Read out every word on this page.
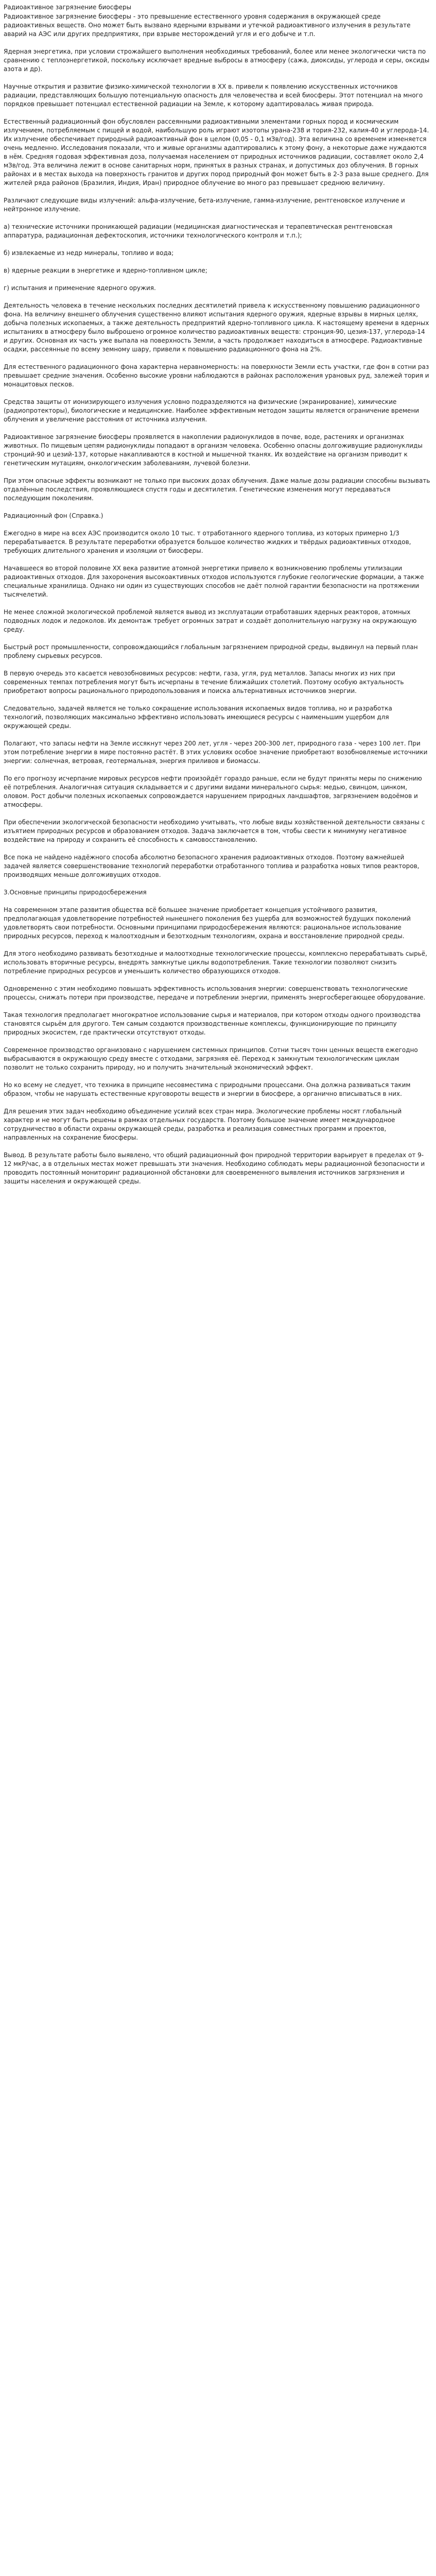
Радиоактивное загрязнение биосферы
Радиоактивное загрязнение биосферы - это превышение естественного уровня содержания в окружающей среде радиоактивных веществ. Оно может быть вызвано ядерными взрывами и утечкой радиоактивного излучения в результате аварий на АЭС или других предприятиях, при взрыве месторождений угля и его добыче и т.п.
Ядерная энергетика, при условии строжайшего выполнения необходимых требований, более или менее экологически чиста по сравнению с теплоэнергетикой, поскольку исключает вредные выбросы в атмосферу (сажа, диоксиды, углерода и серы, оксиды азота и др).
Научные открытия и развитие физико-химической технологии в XX в. привели к появлению искусственных источников радиации, представляющих большую потенциальную опасность для человечества и всей биосферы. Этот потенциал на много порядков превышает потенциал естественной радиации на Земле, к которому адаптировалась живая природа.
Естественный радиационный фон обусловлен рассеянными радиоактивными элементами горных пород и космическим излучением, потребляемым с пищей и водой, наибольшую роль играют изотопы урана-238 и тория-232, калия-40 и углерода-14. Их излучение обеспечивает природный радиоактивный фон в целом (0,05 - 0,1 мЗв/год). Эта величина со временем изменяется очень медленно. Исследования показали, что и живые организмы адаптировались к этому фону, а некоторые даже нуждаются в нём. Средняя годовая эффективная доза, получаемая населением от природных источников радиации, составляет около 2,4 мЗв/год. Эта величина лежит в основе санитарных норм, принятых в разных странах, и допустимых доз облучения. В горных районах и в местах выхода на поверхность гранитов и других пород природный фон может быть в 2-3 раза выше среднего. Для жителей ряда районов (Бразилия, Индия, Иран) природное облучение во много раз превышает среднюю величину.
Различают следующие виды излучений: альфа-излучение, бета-излучение, гамма-излучение, рентгеновское излучение и нейтронное излучение.
а) технические источники проникающей радиации (медицинская диагностическая и терапевтическая рентгеновская аппаратура, радиационная дефектоскопия, источники технологического контроля и т.п.);
б) извлекаемые из недр минералы, топливо и вода;
в) ядерные реакции в энергетике и ядерно-топливном цикле;
г) испытания и применение ядерного оружия.
Деятельность человека в течение нескольких последних десятилетий привела к искусственному повышению радиационного фона. На величину внешнего облучения существенно влияют испытания ядерного оружия, ядерные взрывы в мирных целях, добыча полезных ископаемых, а также деятельность предприятий ядерно-топливного цикла. К настоящему времени в ядерных испытаниях в атмосферу было выброшено огромное количество радиоактивных веществ: стронция-90, цезия-137, углерода-14 и других. Основная их часть уже выпала на поверхность Земли, а часть продолжает находиться в атмосфере. Радиоактивные осадки, рассеянные по всему земному шару, привели к повышению радиационного фона на 2%.
Для естественного радиационного фона характерна неравномерность: на поверхности Земли есть участки, где фон в сотни раз превышает средние значения. Особенно высокие уровни наблюдаются в районах расположения урановых руд, залежей тория и монацитовых песков.
Средства защиты от ионизирующего излучения условно подразделяются на физические (экранирование), химические (радиопротекторы), биологические и медицинские. Наиболее эффективным методом защиты является ограничение времени облучения и увеличение расстояния от источника излучения.
Радиоактивное загрязнение биосферы проявляется в накоплении радионуклидов в почве, воде, растениях и организмах животных. По пищевым цепям радионуклиды попадают в организм человека. Особенно опасны долгоживущие радионуклиды стронций-90 и цезий-137, которые накапливаются в костной и мышечной тканях. Их воздействие на организм приводит к генетическим мутациям, онкологическим заболеваниям, лучевой болезни.
При этом опасные эффекты возникают не только при высоких дозах облучения. Даже малые дозы радиации способны вызывать отдалённые последствия, проявляющиеся спустя годы и десятилетия. Генетические изменения могут передаваться последующим поколениям.
Радиационный фон (Справка.)
Ежегодно в мире на всех АЭС производится около 10 тыс. т отработанного ядерного топлива, из которых примерно 1/3 перерабатывается. В результате переработки образуется большое количество жидких и твёрдых радиоактивных отходов, требующих длительного хранения и изоляции от биосферы.
Начавшееся во второй половине XX века развитие атомной энергетики привело к возникновению проблемы утилизации радиоактивных отходов. Для захоронения высокоактивных отходов используются глубокие геологические формации, а также специальные хранилища. Однако ни один из существующих способов не даёт полной гарантии безопасности на протяжении тысячелетий.
Не менее сложной экологической проблемой является вывод из эксплуатации отработавших ядерных реакторов, атомных подводных лодок и ледоколов. Их демонтаж требует огромных затрат и создаёт дополнительную нагрузку на окружающую среду.
Быстрый рост промышленности, сопровождающийся глобальным загрязнением природной среды, выдвинул на первый план проблему сырьевых ресурсов.
В первую очередь это касается невозобновимых ресурсов: нефти, газа, угля, руд металлов. Запасы многих из них при современных темпах потребления могут быть исчерпаны в течение ближайших столетий. Поэтому особую актуальность приобретают вопросы рационального природопользования и поиска альтернативных источников энергии.
Следовательно, задачей является не только сокращение использования ископаемых видов топлива, но и разработка технологий, позволяющих максимально эффективно использовать имеющиеся ресурсы с наименьшим ущербом для окружающей среды.
Полагают, что запасы нефти на Земле иссякнут через 200 лет, угля - через 200-300 лет, природного газа - через 100 лет. При этом потребление энергии в мире постоянно растёт. В этих условиях особое значение приобретают возобновляемые источники энергии: солнечная, ветровая, геотермальная, энергия приливов и биомассы.
По его прогнозу исчерпание мировых ресурсов нефти произойдёт гораздо раньше, если не будут приняты меры по снижению её потребления. Аналогичная ситуация складывается и с другими видами минерального сырья: медью, свинцом, цинком, оловом. Рост добычи полезных ископаемых сопровождается нарушением природных ландшафтов, загрязнением водоёмов и атмосферы.
При обеспечении экологической безопасности необходимо учитывать, что любые виды хозяйственной деятельности связаны с изъятием природных ресурсов и образованием отходов. Задача заключается в том, чтобы свести к минимуму негативное воздействие на природу и сохранить её способность к самовосстановлению.
Все пока не найдено надёжного способа абсолютно безопасного хранения радиоактивных отходов. Поэтому важнейшей задачей является совершенствование технологий переработки отработанного топлива и разработка новых типов реакторов, производящих меньше долгоживущих отходов.
3.Основные принципы природосбережения
На современном этапе развития общества всё большее значение приобретает концепция устойчивого развития, предполагающая удовлетворение потребностей нынешнего поколения без ущерба для возможностей будущих поколений удовлетворять свои потребности. Основными принципами природосбережения являются: рациональное использование природных ресурсов, переход к малоотходным и безотходным технологиям, охрана и восстановление природной среды.
Для этого необходимо развивать безотходные и малоотходные технологические процессы, комплексно перерабатывать сырьё, использовать вторичные ресурсы, внедрять замкнутые циклы водопотребления. Такие технологии позволяют снизить потребление природных ресурсов и уменьшить количество образующихся отходов.
Одновременно с этим необходимо повышать эффективность использования энергии: совершенствовать технологические процессы, снижать потери при производстве, передаче и потреблении энергии, применять энергосберегающее оборудование.
Такая технология предполагает многократное использование сырья и материалов, при котором отходы одного производства становятся сырьём для другого. Тем самым создаются производственные комплексы, функционирующие по принципу природных экосистем, где практически отсутствуют отходы.
Современное производство организовано с нарушением системных принципов. Сотни тысяч тонн ценных веществ ежегодно выбрасываются в окружающую среду вместе с отходами, загрязняя её. Переход к замкнутым технологическим циклам позволит не только сохранить природу, но и получить значительный экономический эффект.
Но ко всему не следует, что техника в принципе несовместима с природными процессами. Она должна развиваться таким образом, чтобы не нарушать естественные круговороты веществ и энергии в биосфере, а органично вписываться в них.
Для решения этих задач необходимо объединение усилий всех стран мира. Экологические проблемы носят глобальный характер и не могут быть решены в рамках отдельных государств. Поэтому большое значение имеет международное сотрудничество в области охраны окружающей среды, разработка и реализация совместных программ и проектов, направленных на сохранение биосферы.
Вывод. В результате работы было выявлено, что общий радиационный фон природной территории варьирует в пределах от 9-12 мкР/час, а в отдельных местах может превышать эти значения. Необходимо соблюдать меры радиационной безопасности и проводить постоянный мониторинг радиационной обстановки для своевременного выявления источников загрязнения и защиты населения и окружающей среды.
